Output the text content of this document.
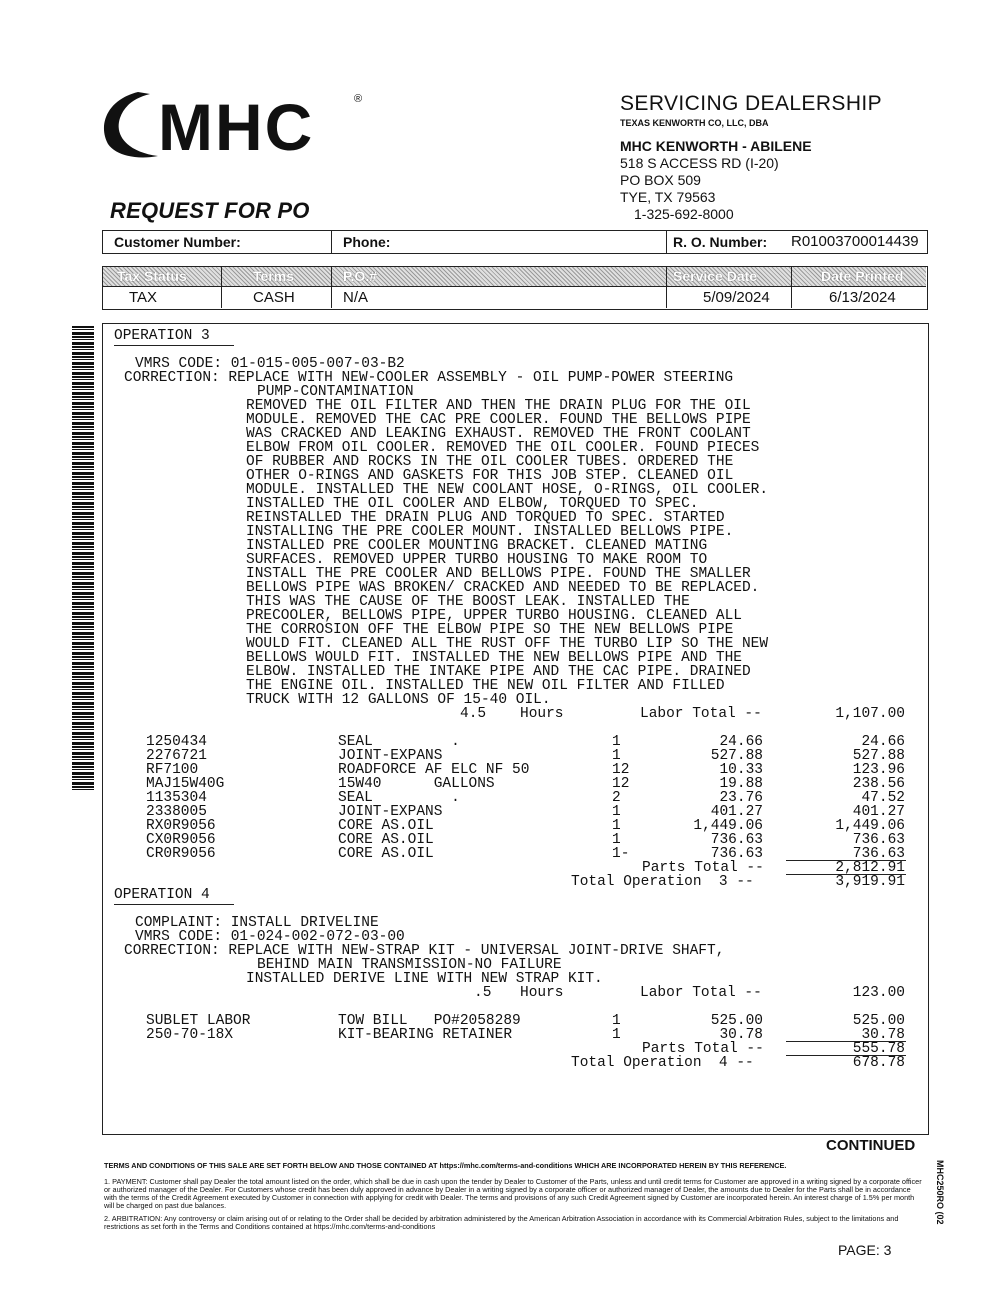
MHC	®
REQUEST FOR PO
SERVICING DEALERSHIP
TEXAS KENWORTH CO, LLC, DBA
MHC KENWORTH - ABILENE
518 S ACCESS RD (I-20)
PO BOX 509
TYE, TX 79563
1-325-692-8000
Customer Number:	Phone:	R. O. Number: R01003700014439
Tax Status	Terms	P.O.#	Service Date	Date Printed
TAX	CASH	N/A	5/09/2024	6/13/2024
OPERATION 3
VMRS CODE: 01-015-005-007-03-B2
CORRECTION: REPLACE WITH NEW-COOLER ASSEMBLY - OIL PUMP-POWER STEERING
PUMP-CONTAMINATION
REMOVED THE OIL FILTER AND THEN THE DRAIN PLUG FOR THE OIL
MODULE. REMOVED THE CAC PRE COOLER. FOUND THE BELLOWS PIPE
WAS CRACKED AND LEAKING EXHAUST. REMOVED THE FRONT COOLANT
ELBOW FROM OIL COOLER. REMOVED THE OIL COOLER. FOUND PIECES
OF RUBBER AND ROCKS IN THE OIL COOLER TUBES. ORDERED THE
OTHER O-RINGS AND GASKETS FOR THIS JOB STEP. CLEANED OIL
MODULE. INSTALLED THE NEW COOLANT HOSE, O-RINGS, OIL COOLER.
INSTALLED THE OIL COOLER AND ELBOW, TORQUED TO SPEC.
REINSTALLED THE DRAIN PLUG AND TORQUED TO SPEC. STARTED
INSTALLING THE PRE COOLER MOUNT. INSTALLED BELLOWS PIPE.
INSTALLED PRE COOLER MOUNTING BRACKET. CLEANED MATING
SURFACES. REMOVED UPPER TURBO HOUSING TO MAKE ROOM TO
INSTALL THE PRE COOLER AND BELLOWS PIPE. FOUND THE SMALLER
BELLOWS PIPE WAS BROKEN/ CRACKED AND NEEDED TO BE REPLACED.
THIS WAS THE CAUSE OF THE BOOST LEAK. INSTALLED THE
PRECOOLER, BELLOWS PIPE, UPPER TURBO HOUSING. CLEANED ALL
THE CORROSION OFF THE ELBOW PIPE SO THE NEW BELLOWS PIPE
WOULD FIT. CLEANED ALL THE RUST OFF THE TURBO LIP SO THE NEW
BELLOWS WOULD FIT. INSTALLED THE NEW BELLOWS PIPE AND THE
ELBOW. INSTALLED THE INTAKE PIPE AND THE CAC PIPE. DRAINED
THE ENGINE OIL. INSTALLED THE NEW OIL FILTER AND FILLED
TRUCK WITH 12 GALLONS OF 15-40 OIL.
4.5 Hours	Labor Total --	1,107.00
1250434	SEAL         .	1	24.66	24.66
2276721	JOINT-EXPANS	1	527.88	527.88
RF7100	ROADFORCE AF ELC NF 50	12	10.33	123.96
MAJ15W40G	15W40      GALLONS	12	19.88	238.56
1135304	SEAL         .	2	23.76	47.52
2338005	JOINT-EXPANS	1	401.27	401.27
RX0R9056	CORE AS.OIL	1	1,449.06	1,449.06
CX0R9056	CORE AS.OIL	1	736.63	736.63
CR0R9056	CORE AS.OIL	1-	736.63	736.63
Parts Total --	2,812.91
Total Operation  3 --	3,919.91
OPERATION 4
COMPLAINT: INSTALL DRIVELINE
VMRS CODE: 01-024-002-072-03-00
CORRECTION: REPLACE WITH NEW-STRAP KIT - UNIVERSAL JOINT-DRIVE SHAFT,
BEHIND MAIN TRANSMISSION-NO FAILURE
INSTALLED DERIVE LINE WITH NEW STRAP KIT.
.5 Hours	Labor Total --	123.00
SUBLET LABOR	TOW BILL   PO#2058289	1	525.00	525.00
250-70-18X	KIT-BEARING RETAINER	1	30.78	30.78
Parts Total --	555.78
Total Operation  4 --	678.78
CONTINUED
TERMS AND CONDITIONS OF THIS SALE ARE SET FORTH BELOW AND THOSE CONTAINED AT https://mhc.com/terms-and-conditions WHICH ARE INCORPORATED HEREIN BY THIS REFERENCE.
1. PAYMENT: Customer shall pay Dealer the total amount listed on the order, which shall be due in cash upon the tender by Dealer to Customer of the Parts, unless and until credit terms for Customer are approved in a writing signed by a corporate officer or authorized manager of the Dealer. For Customers whose credit has been duly approved in advance by Dealer in a writing signed by a corporate officer or authorized manager of Dealer, the amounts due to Dealer for the Parts shall be in accordance with the terms of the Credit Agreement executed by Customer in connection with applying for credit with Dealer. The terms and provisions of any such Credit Agreement signed by Customer are incorporated herein. An interest charge of 1.5% per month will be charged on past due balances.
2. ARBITRATION: Any controversy or claim arising out of or relating to the Order shall be decided by arbitration administered by the American Arbitration Association in accordance with its Commercial Arbitration Rules, subject to the limitations and restrictions as set forth in the Terms and Conditions contained at https://mhc.com/terms-and-conditions
MHC250RO (02
PAGE: 3
